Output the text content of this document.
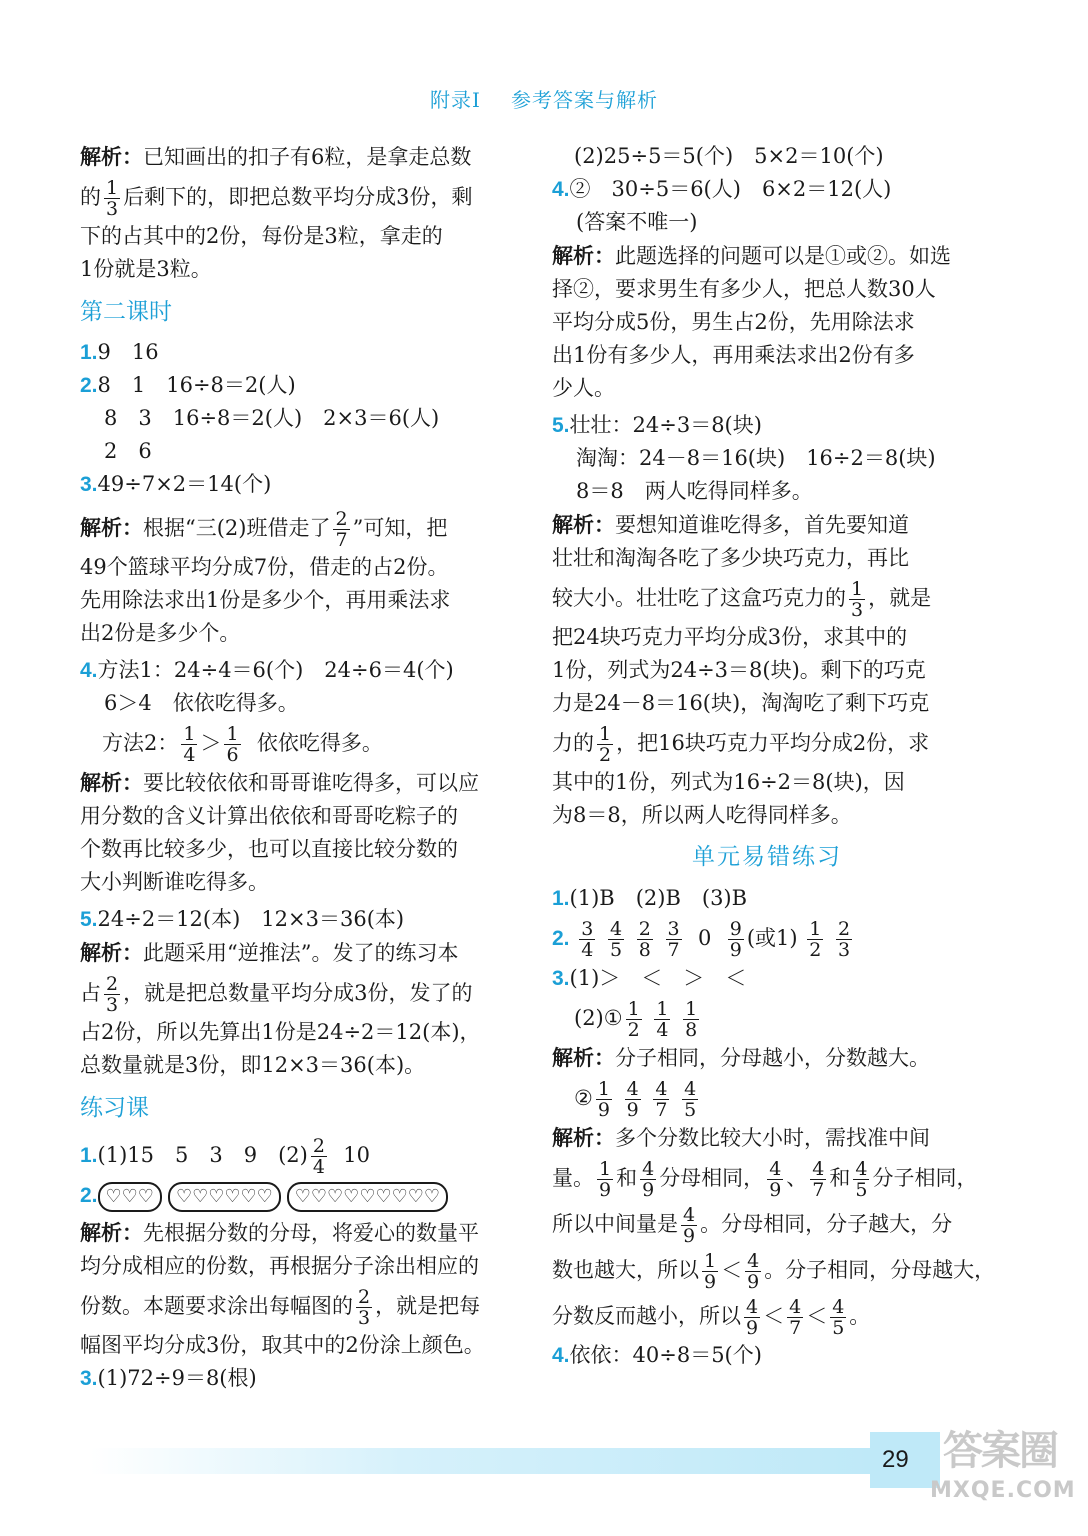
附录Ⅰ 参考答案与解析
解析：已知画出的扣子有6粒，是拿走总数
的 $\frac{1}{3}$ 后剩下的，即把总数平均分成3份，剩
下的占其中的2份，每份是3粒，拿走的
1份就是3粒。
第二课时
1.9　16
2.8　1　16÷8＝2(人)
8　3　16÷8＝2(人)　2×3＝6(人)
2　6
3.49÷7×2＝14(个)
解析：根据“三(2)班借走了 $\frac{2}{7}$ ”可知，把
49个篮球平均分成7份，借走的占2份。
先用除法求出1份是多少个，再用乘法求
出2份是多少个。
4.方法1：24÷4＝6(个)　24÷6＝4(个)
6＞4　依依吃得多。
方法2： $\frac{1}{4} > \frac{1}{6}$ 依依吃得多。
解析：要比较依依和哥哥谁吃得多，可以应
用分数的含义计算出依依和哥哥吃粽子的
个数再比较多少，也可以直接比较分数的
大小判断谁吃得多。
5.24÷2＝12(本)　12×3＝36(本)
解析：此题采用“逆推法”。发了的练习本
占 $\frac{2}{3}$ ，就是把总数量平均分成3份，发了的
占2份，所以先算出1份是24÷2＝12(本)，
总数量就是3份，即12×3＝36(本)。
练习课
1.(1)15　5　3　9　$(2) \frac{2}{4} 10$
2. ♡♡♡ ♡♡♡♡♡♡ ♡♡♡♡♡♡♡♡♡
解析：先根据分数的分母，将爱心的数量平
均分成相应的份数，再根据分子涂出相应的
份数。本题要求涂出每幅图的 $\frac{2}{3}$ ，就是把每
幅图平均分成3份，取其中的2份涂上颜色。
3.(1)72÷9＝8(根)
(2)25÷5＝5(个)　5×2＝10(个)
4.②　30÷5＝6(人)　6×2＝12(人)
(答案不唯一)
解析：此题选择的问题可以是①或②。如选
择②，要求男生有多少人，把总人数30人
平均分成5份，男生占2份，先用除法求
出1份有多少人，再用乘法求出2份有多
少人。
5.壮壮：24÷3＝8(块)
淘淘：24－8＝16(块)　16÷2＝8(块)
8＝8　两人吃得同样多。
解析：要想知道谁吃得多，首先要知道
壮壮和淘淘各吃了多少块巧克力，再比
较大小。壮壮吃了这盒巧克力的 $\frac{1}{3}$ ，就是
把24块巧克力平均分成3份，求其中的
1份，列式为24÷3＝8(块)。剩下的巧克
力是24－8＝16(块)，淘淘吃了剩下巧克
力的 $\frac{1}{2}$ ，把16块巧克力平均分成2份，求
其中的1份，列式为16÷2＝8(块)，因
为8＝8，所以两人吃得同样多。
单元易错练习
1.(1)B　(2)B　(3)B
2. $\frac{3}{4}$
$\frac{4}{5}$
$\frac{2}{8}$
$\frac{3}{7} 0 \frac{9}{9}$ (或$1) \frac{1}{2}$
$\frac{2}{3}$
3.(1)＞　＜　＞　＜
(2)① $\frac{1}{2}$
$\frac{1}{4}$
$\frac{1}{8}$
解析：分子相同，分母越小，分数越大。
② $\frac{1}{9}$
$\frac{4}{9}$
$\frac{4}{7}$
$\frac{4}{5}$
解析：多个分数比较大小时，需找准中间
量。 $\frac{1}{9}$ 和 $\frac{4}{9}$ 分母相同， $\frac{4}{9}$ 、 $\frac{4}{7}$ 和 $\frac{4}{5}$ 分子相同，
所以中间量是 $\frac{4}{9}$ 。分母相同，分子越大，分
数也越大，所以 $\frac{1}{9} < \frac{4}{9}$ 。分子相同，分母越大，
分数反而越小，所以 $\frac{4}{9} < \frac{4}{7} < \frac{4}{5}$ 。
4.依依：40÷8＝5(个)
29 答案圈
MXQE.COM
